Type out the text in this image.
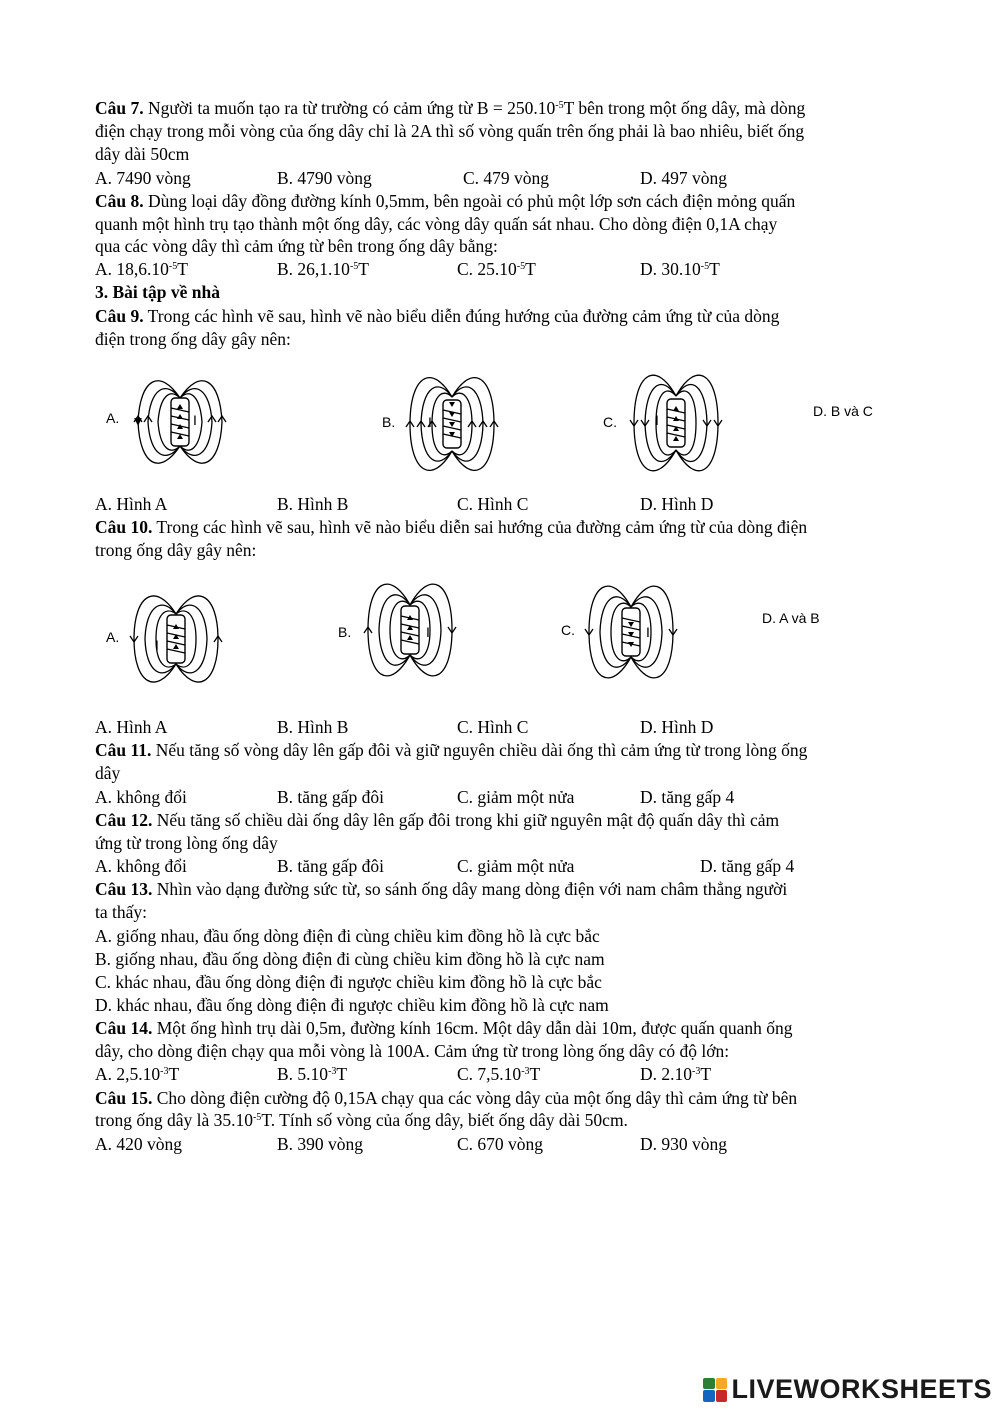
Câu 7. Người ta muốn tạo ra từ trường có cảm ứng từ $B = 250.10^{-5}T$ bên trong một ống dây, mà dòng
điện chạy trong mỗi vòng của ống dây chỉ là 2A thì số vòng quấn trên ống phải là bao nhiêu, biết ống
dây dài 50cm
A. 7490 vòng	B. 4790 vòng	C. 479 vòng	D. 497 vòng
Câu 8. Dùng loại dây đồng đường kính 0,5mm, bên ngoài có phủ một lớp sơn cách điện mỏng quấn
quanh một hình trụ tạo thành một ống dây, các vòng dây quấn sát nhau. Cho dòng điện 0,1A chạy
qua các vòng dây thì cảm ứng từ bên trong ống dây bằng:
A. $18,6.10^{-5}T$	B. $26,1.10^{-5}T$	C. $25.10^{-5}T$	D. $30.10^{-5}T$
3. Bài tập về nhà
Câu 9. Trong các hình vẽ sau, hình vẽ nào biểu diễn đúng hướng của đường cảm ứng từ của dòng
điện trong ống dây gây nên:
A.	I	B. I	C.	I
D. B và C
A. Hình A	B. Hình B	C. Hình C	D. Hình D
Câu 10. Trong các hình vẽ sau, hình vẽ nào biểu diễn sai hướng của đường cảm ứng từ của dòng điện
trong ống dây gây nên:
A.	I
B.	I	C.	I
D. A và B
A. Hình A	B. Hình B	C. Hình C	D. Hình D
Câu 11. Nếu tăng số vòng dây lên gấp đôi và giữ nguyên chiều dài ống thì cảm ứng từ trong lòng ống
dây
A. không đổi	B. tăng gấp đôi	C. giảm một nửa	D. tăng gấp 4
Câu 12. Nếu tăng số chiều dài ống dây lên gấp đôi trong khi giữ nguyên mật độ quấn dây thì cảm
ứng từ trong lòng ống dây
A. không đổi	B. tăng gấp đôi	C. giảm một nửa	D. tăng gấp 4
Câu 13. Nhìn vào dạng đường sức từ, so sánh ống dây mang dòng điện với nam châm thẳng người
ta thấy:
A. giống nhau, đầu ống dòng điện đi cùng chiều kim đồng hồ là cực bắc
B. giống nhau, đầu ống dòng điện đi cùng chiều kim đồng hồ là cực nam
C. khác nhau, đầu ống dòng điện đi ngược chiều kim đồng hồ là cực bắc
D. khác nhau, đầu ống dòng điện đi ngược chiều kim đồng hồ là cực nam
Câu 14. Một ống hình trụ dài 0,5m, đường kính 16cm. Một dây dẫn dài 10m, được quấn quanh ống
dây, cho dòng điện chạy qua mỗi vòng là 100A. Cảm ứng từ trong lòng ống dây có độ lớn:
A. $2,5.10^{-3}T$	B. $5.10^{-3}T$	C. $7,5.10^{-3}T$	D. $2.10^{-3}T$
Câu 15. Cho dòng điện cường độ 0,15A chạy qua các vòng dây của một ống dây thì cảm ứng từ bên
trong ống dây là $35.10^{-5}T$. Tính số vòng của ống dây, biết ống dây dài 50cm.
A. 420 vòng	B. 390 vòng	C. 670 vòng	D. 930 vòng
LIVEWORKSHEETS
